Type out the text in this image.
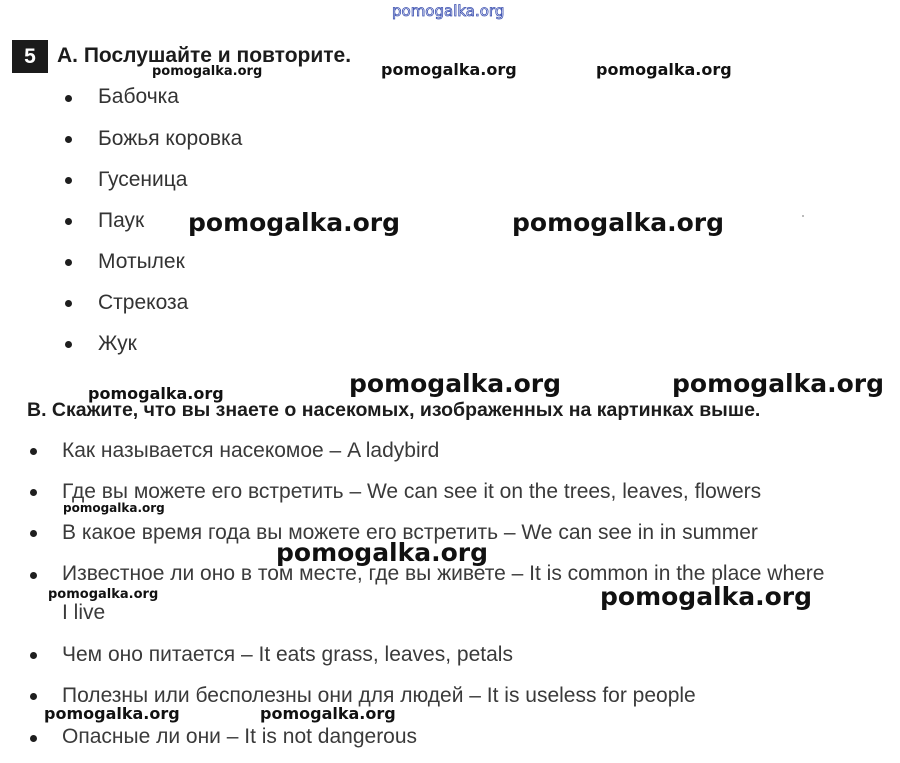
pomogalka.org
5	А. Послушайте и повторите.
Бабочка
Божья коровка
Гусеница
Паук
Мотылек
Стрекоза
Жук
В. Скажите, что вы знаете о насекомых, изображенных на картинках выше.
Как называется насекомое – A ladybird
Где вы можете его встретить – We can see it on the trees, leaves, flowers
В какое время года вы можете его встретить – We can see in in summer
Известное ли оно в том месте, где вы живете – It is common in the place where
I live
Чем оно питается – It eats grass, leaves, petals
Полезны или бесполезны они для людей – It is useless for people
Опасные ли они – It is not dangerous
pomogalka.org	pomogalka.org	pomogalka.org
pomogalka.org	pomogalka.org
pomogalka.org	pomogalka.org	pomogalka.org
pomogalka.org
pomogalka.org
pomogalka.org	pomogalka.org
pomogalka.org	pomogalka.org
